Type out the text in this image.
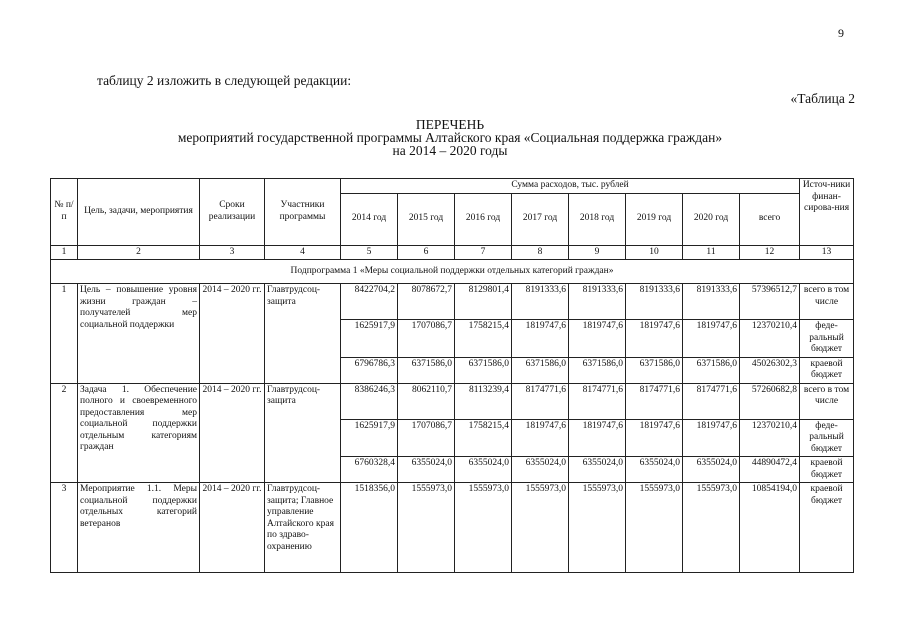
9
таблицу 2 изложить в следующей редакции:
«Таблица 2
ПЕРЕЧЕНЬ
мероприятий государственной программы Алтайского края «Социальная поддержка граждан»
на 2014 – 2020 годы
№ п/п	Цель, задачи, мероприятия	Сроки реализации	Участники программы	Сумма расходов, тыс. рублей								Источ-ники финан-сирова-ния
				2014 год	2015 год	2016 год	2017 год	2018 год	2019 год	2020 год	всего	
1	2	3	4	5	6	7	8	9	10	11	12	13
Подпрограмма 1 «Меры социальной поддержки отдельных категорий граждан»												
1	Цель – повышение уровня жизни граждан – получателей мер социальной поддержки	2014 – 2020 гг.	Главтрудсоц-защита	8422704,2	8078672,7	8129801,4	8191333,6	8191333,6	8191333,6	8191333,6	57396512,7	всего в том числе
				1625917,9	1707086,7	1758215,4	1819747,6	1819747,6	1819747,6	1819747,6	12370210,4	феде-ральный бюджет
				6796786,3	6371586,0	6371586,0	6371586,0	6371586,0	6371586,0	6371586,0	45026302,3	краевой бюджет
2	Задача 1. Обеспечение полного и своевременного предоставления мер социальной поддержки отдельным категориям граждан	2014 – 2020 гг.	Главтрудсоц-защита	8386246,3	8062110,7	8113239,4	8174771,6	8174771,6	8174771,6	8174771,6	57260682,8	всего в том числе
				1625917,9	1707086,7	1758215,4	1819747,6	1819747,6	1819747,6	1819747,6	12370210,4	феде-ральный бюджет
				6760328,4	6355024,0	6355024,0	6355024,0	6355024,0	6355024,0	6355024,0	44890472,4	краевой бюджет
3	Мероприятие 1.1. Меры социальной поддержки отдельных категорий ветеранов	2014 – 2020 гг.	Главтрудсоц-защита; Главное управление Алтайского края по здраво-охранению	1518356,0	1555973,0	1555973,0	1555973,0	1555973,0	1555973,0	1555973,0	10854194,0	краевой бюджет
